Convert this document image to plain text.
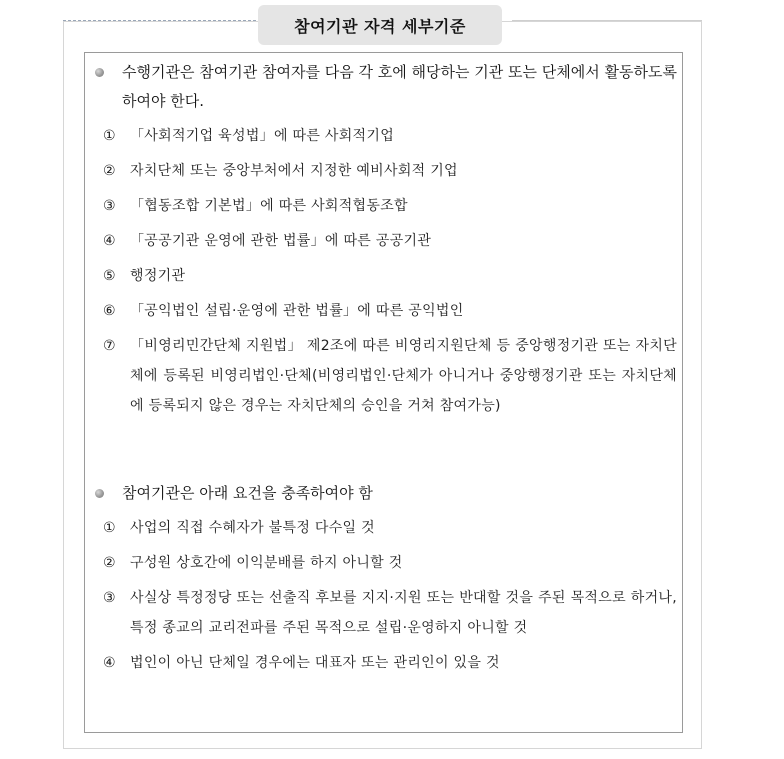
참여기관 자격 세부기준
수행기관은 참여기관 참여자를 다음 각 호에 해당하는 기관 또는 단체에서 활동하도록 하여야 한다.
① 「사회적기업 육성법」에 따른 사회적기업
② 자치단체 또는 중앙부처에서 지정한 예비사회적 기업
③ 「협동조합 기본법」에 따른 사회적협동조합
④ 「공공기관 운영에 관한 법률」에 따른 공공기관
⑤ 행정기관
⑥ 「공익법인 설립·운영에 관한 법률」에 따른 공익법인
⑦ 「비영리민간단체 지원법」 제2조에 따른 비영리지원단체 등 중앙행정기관 또는 자치단체에 등록된 비영리법인·단체(비영리법인·단체가 아니거나 중앙행정기관 또는 자치단체에 등록되지 않은 경우는 자치단체의 승인을 거쳐 참여가능)
참여기관은 아래 요건을 충족하여야 함
① 사업의 직접 수혜자가 불특정 다수일 것
② 구성원 상호간에 이익분배를 하지 아니할 것
③ 사실상 특정정당 또는 선출직 후보를 지지·지원 또는 반대할 것을 주된 목적으로 하거나, 특정 종교의 교리전파를 주된 목적으로 설립·운영하지 아니할 것
④ 법인이 아닌 단체일 경우에는 대표자 또는 관리인이 있을 것
